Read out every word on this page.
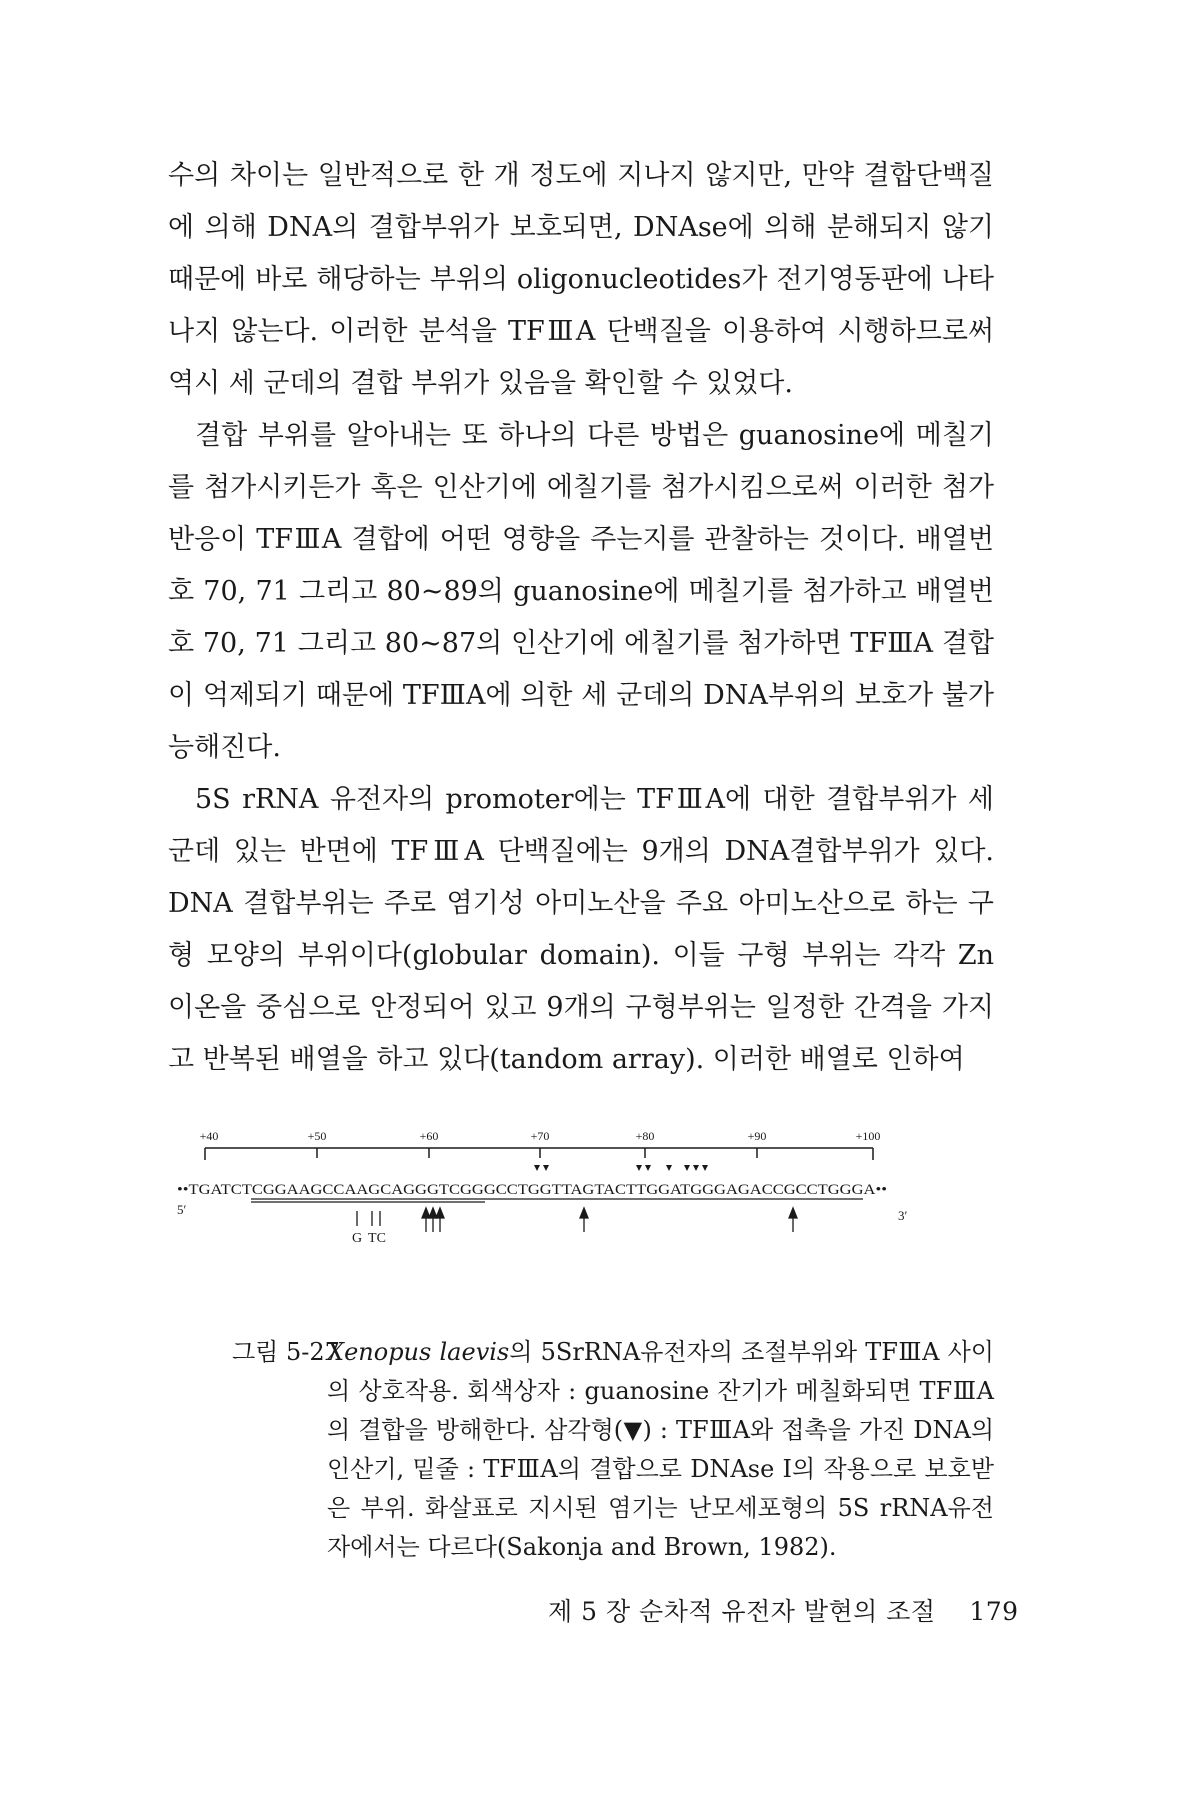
수의 차이는 일반적으로 한 개 정도에 지나지 않지만, 만약 결합단백질에 의해 DNA의 결합부위가 보호되면, DNAse에 의해 분해되지 않기 때문에 바로 해당하는 부위의 oligonucleotides가 전기영동판에 나타나지 않는다. 이러한 분석을 TFⅢA 단백질을 이용하여 시행하므로써 역시 세 군데의 결합 부위가 있음을 확인할 수 있었다.

결합 부위를 알아내는 또 하나의 다른 방법은 guanosine에 메칠기를 첨가시키든가 혹은 인산기에 에칠기를 첨가시킴으로써 이러한 첨가반응이 TFⅢA 결합에 어떤 영향을 주는지를 관찰하는 것이다. 배열번호 70, 71 그리고 80~89의 guanosine에 메칠기를 첨가하고 배열번호 70, 71 그리고 80~87의 인산기에 에칠기를 첨가하면 TFⅢA 결합이 억제되기 때문에 TFⅢA에 의한 세 군데의 DNA부위의 보호가 불가능해진다.

5S rRNA 유전자의 promoter에는 TFⅢA에 대한 결합부위가 세 군데 있는 반면에 TFⅢA 단백질에는 9개의 DNA결합부위가 있다. DNA 결합부위는 주로 염기성 아미노산을 주요 아미노산으로 하는 구형 모양의 부위이다(globular domain). 이들 구형 부위는 각각 Zn 이온을 중심으로 안정되어 있고 9개의 구형부위는 일정한 간격을 가지고 반복된 배열을 하고 있다(tandom array). 이러한 배열로 인하여

+40	+50	+60	+70	+80	+90	+100
••TGATCTCGGAAGCCAAGCAGGGTCGGGCCTGGTTAGTACTTGGATGGGAGACCGCCTGGGA••
5′	3′
G TC
그림 5-27
Xenopus laevis의 5SrRNA유전자의 조절부위와 TFⅢA 사이의 상호작용. 회색상자 : guanosine 잔기가 메칠화되면 TFⅢA의 결합을 방해한다. 삼각형(▼) : TFⅢA와 접촉을 가진 DNA의 인산기, 밑줄 : TFⅢA의 결합으로 DNAse I의 작용으로 보호받은 부위. 화살표로 지시된 염기는 난모세포형의 5S rRNA유전자에서는 다르다(Sakonja and Brown, 1982).
제 5 장 순차적 유전자 발현의 조절 179
